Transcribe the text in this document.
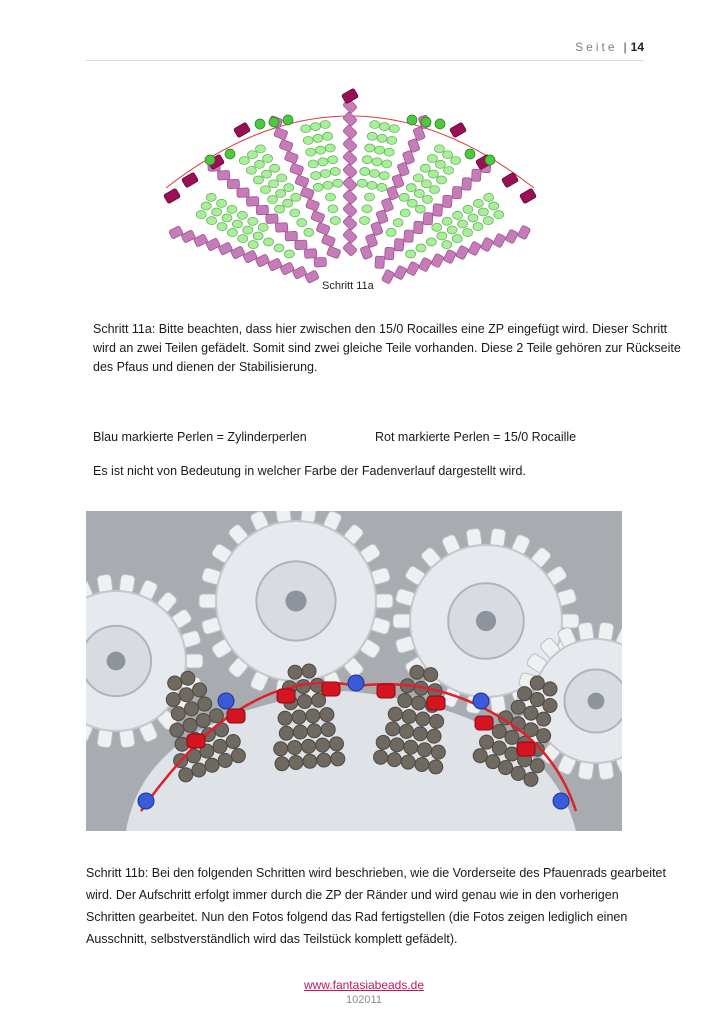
Seite | 14
Schritt 11a
Schritt 11a: Bitte beachten, dass hier zwischen den 15/0 Rocailles eine ZP eingefügt wird. Dieser Schritt wird an zwei Teilen gefädelt. Somit sind zwei gleiche Teile vorhanden. Diese 2 Teile gehören zur Rückseite des Pfaus und dienen der Stabilisierung.
Blau markierte Perlen = Zylinderperlen	Rot markierte Perlen = 15/0 Rocaille
Es ist nicht von Bedeutung in welcher Farbe der Fadenverlauf dargestellt wird.
Schritt 11b: Bei den folgenden Schritten wird beschrieben, wie die Vorderseite des Pfauenrads gearbeitet wird. Der Aufschritt erfolgt immer durch die ZP der Ränder und wird genau wie in den vorherigen Schritten gearbeitet. Nun den Fotos folgend das Rad fertigstellen (die Fotos zeigen lediglich einen Ausschnitt, selbstverständlich wird das Teilstück komplett gefädelt).
www.fantasiabeads.de
102011
